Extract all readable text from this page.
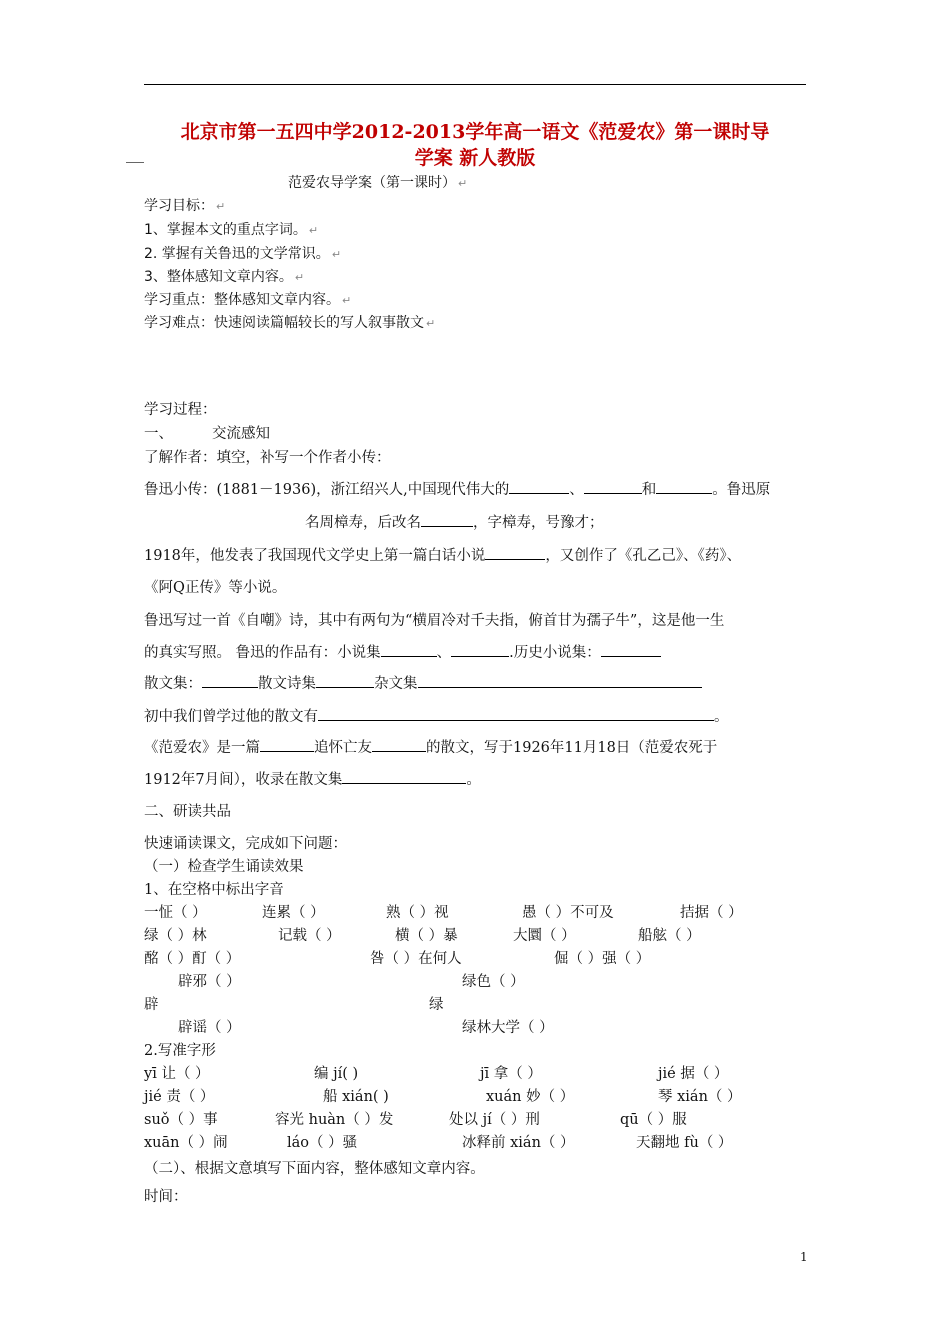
北京市第一五四中学2012-2013学年高一语文《范爱农》第一课时导
学案 新人教版
范爱农导学案（第一课时） ↵
学习目标： ↵
1、掌握本文的重点字词。 ↵
2. 掌握有关鲁迅的文学常识。 ↵
3、整体感知文章内容。 ↵
学习重点：整体感知文章内容。 ↵
学习难点：快速阅读篇幅较长的写人叙事散文 ↵
学习过程：
一、	交流感知
了解作者：填空，补写一个作者小传：
鲁迅小传：(1881－1936)，浙江绍兴人,中国现代伟大的	、	和	。鲁迅原
名周樟寿，后改名	，字樟寿，号豫才；
1918年，他发表了我国现代文学史上第一篇白话小说	，又创作了《孔乙己》、《药》、
《阿Q正传》等小说。
鲁迅写过一首《自嘲》诗，其中有两句为“横眉冷对千夫指，俯首甘为孺子牛”，这是他一生
的真实写照。 鲁迅的作品有：小说集	、	.历史小说集：
散文集：	散文诗集	杂文集
初中我们曾学过他的散文有	。
《范爱农》是一篇	追怀亡友	的散文，写于1926年11月18日（范爱农死于
1912年7月间），收录在散文集	。
二、研读共品
快速诵读课文，完成如下问题：
（一）检查学生诵读效果
1、在空格中标出字音
一怔（ ）	连累（ ）	熟（ ）视	愚（ ）不可及	拮据（ ）
绿（ ）林	记载（ ）	横（ ）暴	大圜（ ）	船舷（ ）
酩（ ）酊（ ）	咎（ ）在何人	倔（ ）强（ ）
辟邪（ ）	绿色（ ）
辟	绿
辟谣（ ）	绿林大学（ ）
2.写准字形
yī 让（ ）	编 jí( )	jī 拿（ ）	jié 据（ ）
jié 责（ ）	船 xián( )	xuán 妙（ ）	琴 xián（ ）
suǒ（ ）事	容光 huàn（ ）发	处以 jí（ ）刑	qū（ ）服
xuān（ ）闹	láo（ ）骚	冰释前 xián（ ）	天翻地 fù（ ）
（二）、根据文意填写下面内容，整体感知文章内容。
时间：
1
